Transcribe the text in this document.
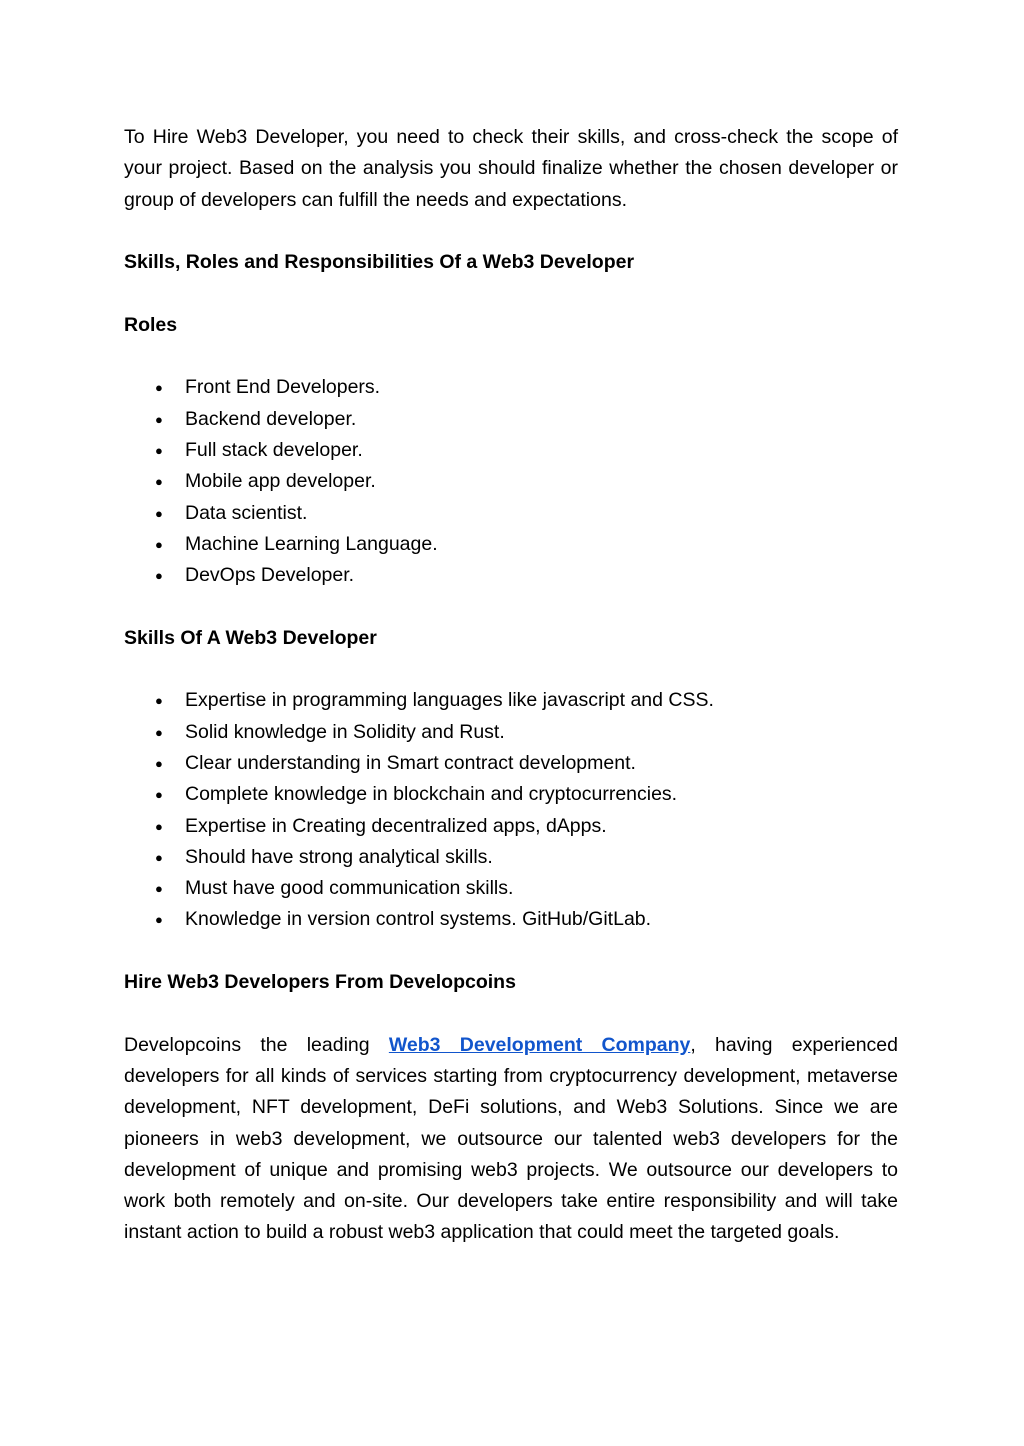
To Hire Web3 Developer, you need to check their skills, and cross-check the scope of your project. Based on the analysis you should finalize whether the chosen developer or group of developers can fulfill the needs and expectations.

Skills, Roles and Responsibilities Of a Web3 Developer

Roles

● Front End Developers.
● Backend developer.
● Full stack developer.
● Mobile app developer.
● Data scientist.
● Machine Learning Language.
● DevOps Developer.

Skills Of A Web3 Developer

● Expertise in programming languages like javascript and CSS.
● Solid knowledge in Solidity and Rust.
● Clear understanding in Smart contract development.
● Complete knowledge in blockchain and cryptocurrencies.
● Expertise in Creating decentralized apps, dApps.
● Should have strong analytical skills.
● Must have good communication skills.
● Knowledge in version control systems. GitHub/GitLab.

Hire Web3 Developers From Developcoins

Developcoins the leading Web3 Development Company, having experienced developers for all kinds of services starting from cryptocurrency development, metaverse development, NFT development, DeFi solutions, and Web3 Solutions. Since we are pioneers in web3 development, we outsource our talented web3 developers for the development of unique and promising web3 projects. We outsource our developers to work both remotely and on-site. Our developers take entire responsibility and will take instant action to build a robust web3 application that could meet the targeted goals.
